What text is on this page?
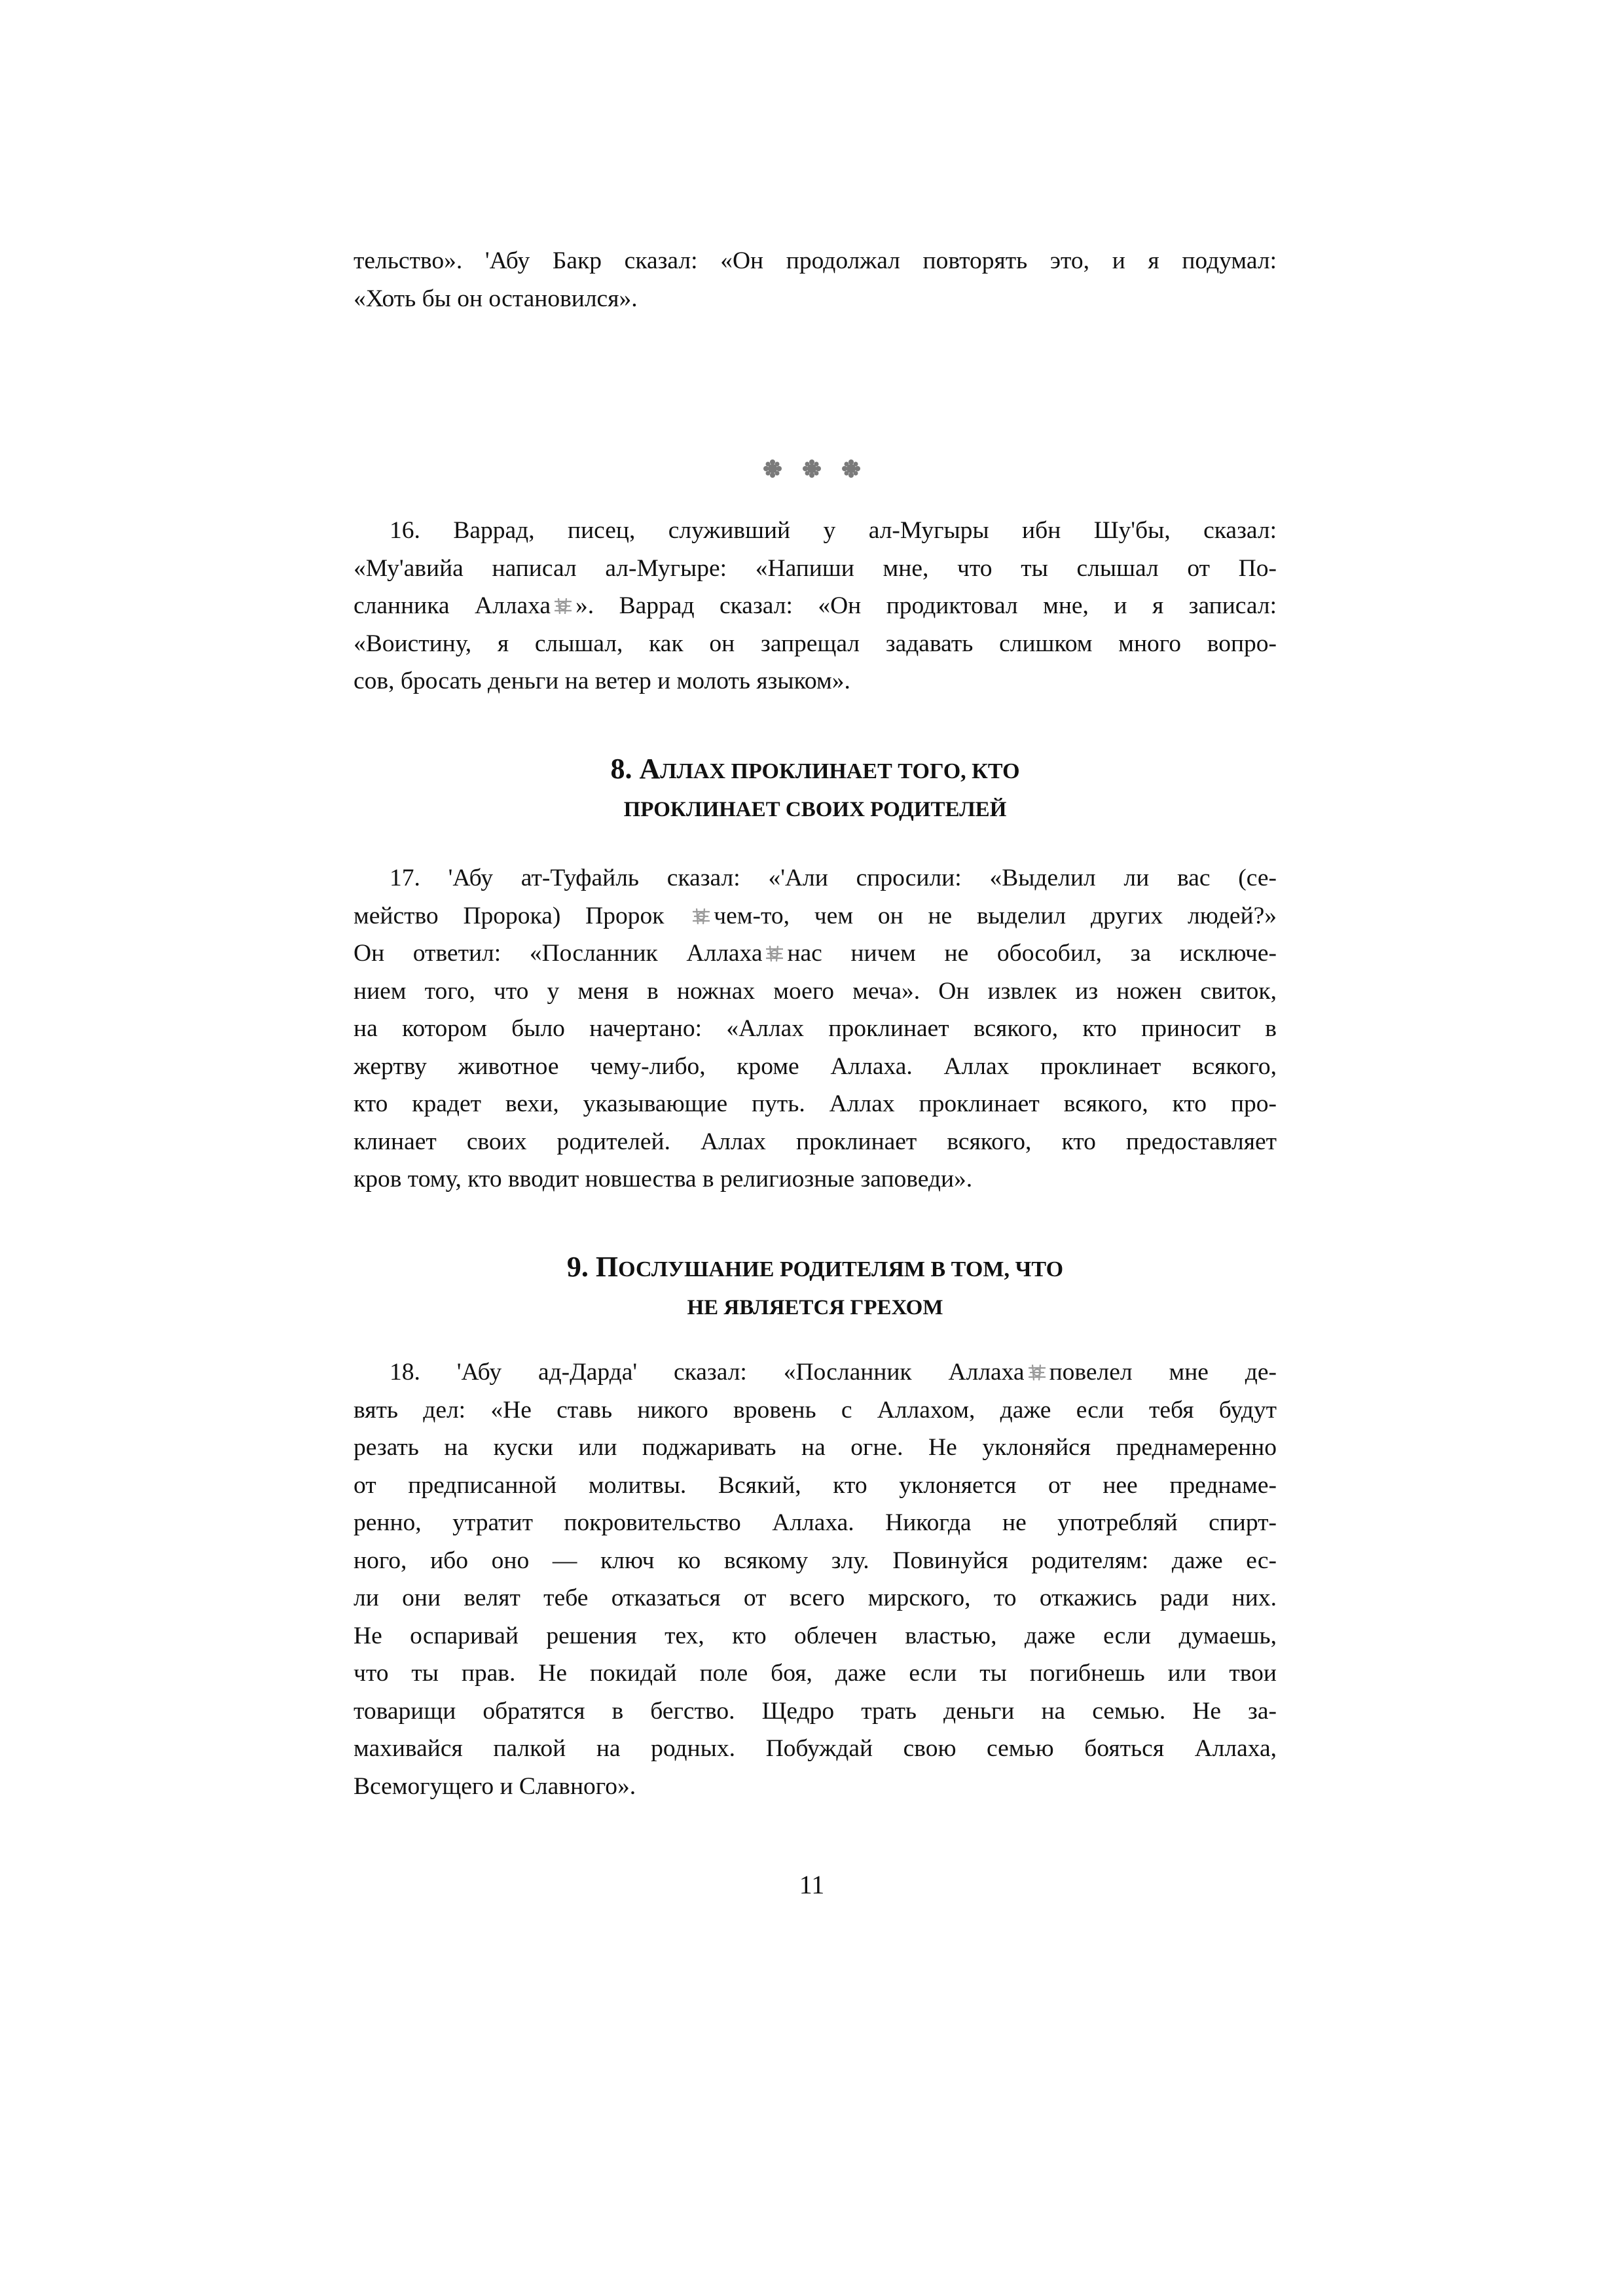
тельство». 'Абу Бакр сказал: «Он продолжал повторять это, и я подумал:
«Хоть бы он остановился».
16. Варрад, писец, служивший у ал-Мугыры ибн Шу'бы, сказал:
«Му'авийа написал ал-Мугыре: «Напиши мне, что ты слышал от По-
сланника Аллаха ». Варрад сказал: «Он продиктовал мне, и я записал:
«Воистину, я слышал, как он запрещал задавать слишком много вопро-
сов, бросать деньги на ветер и молоть языком».
8. АЛЛАХ ПРОКЛИНАЕТ ТОГО, КТО
ПРОКЛИНАЕТ СВОИХ РОДИТЕЛЕЙ
17. 'Абу ат-Туфайль сказал: «'Али спросили: «Выделил ли вас (се-
мейство Пророка) Пророк чем-то, чем он не выделил других людей?»
Он ответил: «Посланник Аллаха нас ничем не обособил, за исключе-
нием того, что у меня в ножнах моего меча». Он извлек из ножен свиток,
на котором было начертано: «Аллах проклинает всякого, кто приносит в
жертву животное чему-либо, кроме Аллаха. Аллах проклинает всякого,
кто крадет вехи, указывающие путь. Аллах проклинает всякого, кто про-
клинает своих родителей. Аллах проклинает всякого, кто предоставляет
кров тому, кто вводит новшества в религиозные заповеди».
9. ПОСЛУШАНИЕ РОДИТЕЛЯМ В ТОМ, ЧТО
НЕ ЯВЛЯЕТСЯ ГРЕХОМ
18. 'Абу ад-Дарда' сказал: «Посланник Аллаха повелел мне де-
вять дел: «Не ставь никого вровень с Аллахом, даже если тебя будут
резать на куски или поджаривать на огне. Не уклоняйся преднамеренно
от предписанной молитвы. Всякий, кто уклоняется от нее преднаме-
ренно, утратит покровительство Аллаха. Никогда не употребляй спирт-
ного, ибо оно — ключ ко всякому злу. Повинуйся родителям: даже ес-
ли они велят тебе отказаться от всего мирского, то откажись ради них.
Не оспаривай решения тех, кто облечен властью, даже если думаешь,
что ты прав. Не покидай поле боя, даже если ты погибнешь или твои
товарищи обратятся в бегство. Щедро трать деньги на семью. Не за-
махивайся палкой на родных. Побуждай свою семью бояться Аллаха,
Всемогущего и Славного».
11
